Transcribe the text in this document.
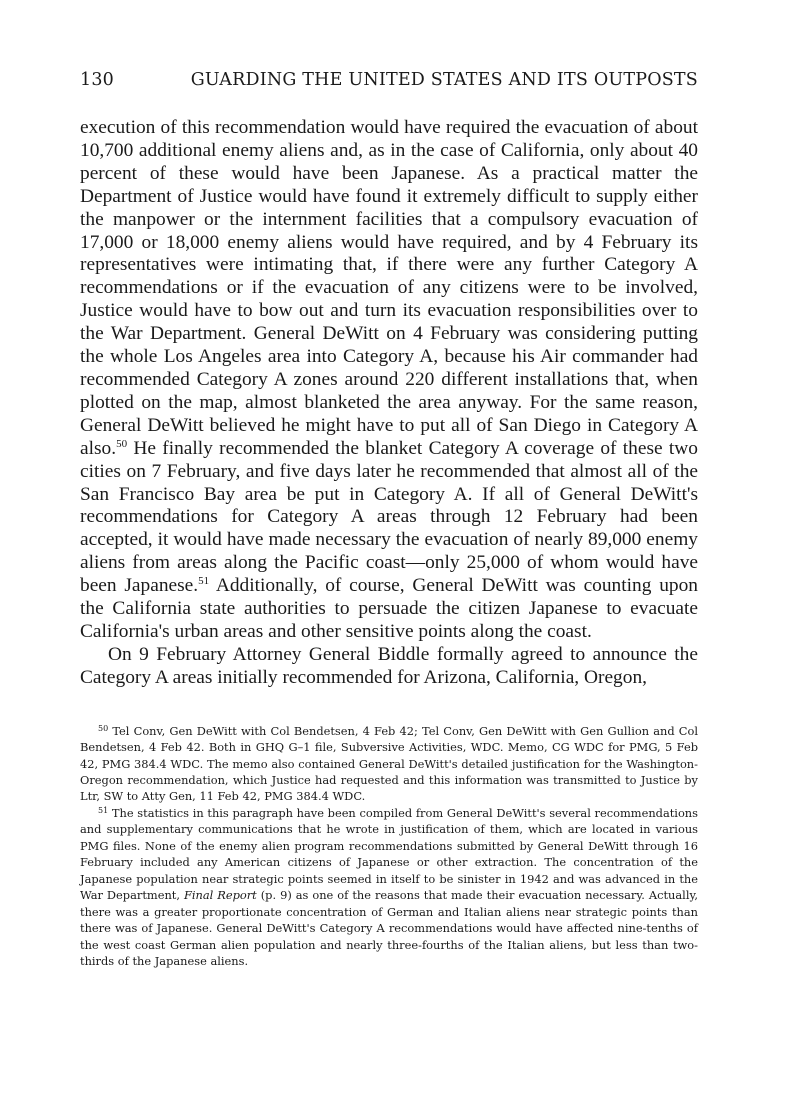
130	GUARDING THE UNITED STATES AND ITS OUTPOSTS

execution of this recommendation would have required the evacuation of about 10,700 additional enemy aliens and, as in the case of California, only about 40 percent of these would have been Japanese. As a practical matter the Department of Justice would have found it extremely difficult to supply either the manpower or the internment facilities that a compulsory evacuation of 17,000 or 18,000 enemy aliens would have required, and by 4 February its representatives were intimating that, if there were any further Category A recommendations or if the evacuation of any citizens were to be involved, Justice would have to bow out and turn its evacuation responsibilities over to the War Department. General DeWitt on 4 February was considering putting the whole Los Angeles area into Category A, because his Air commander had recommended Category A zones around 220 different installations that, when plotted on the map, almost blanketed the area anyway. For the same reason, General DeWitt believed he might have to put all of San Diego in Category A also.$^{50}$ He finally recommended the blanket Category A coverage of these two cities on 7 February, and five days later he recommended that almost all of the San Francisco Bay area be put in Category A. If all of General DeWitt's recommendations for Category A areas through 12 February had been accepted, it would have made necessary the evacuation of nearly 89,000 enemy aliens from areas along the Pacific coast—only 25,000 of whom would have been Japanese.$^{51}$ Additionally, of course, General DeWitt was counting upon the California state authorities to persuade the citizen Japanese to evacuate California's urban areas and other sensitive points along the coast.

On 9 February Attorney General Biddle formally agreed to announce the Category A areas initially recommended for Arizona, California, Oregon,

$^{50}$ Tel Conv, Gen DeWitt with Col Bendetsen, 4 Feb 42; Tel Conv, Gen DeWitt with Gen Gullion and Col Bendetsen, 4 Feb 42. Both in GHQ G–1 file, Subversive Activities, WDC. Memo, CG WDC for PMG, 5 Feb 42, PMG 384.4 WDC. The memo also contained General DeWitt's detailed justification for the Washington-Oregon recommendation, which Justice had requested and this information was transmitted to Justice by Ltr, SW to Atty Gen, 11 Feb 42, PMG 384.4 WDC.

$^{51}$ The statistics in this paragraph have been compiled from General DeWitt's several recommendations and supplementary communications that he wrote in justification of them, which are located in various PMG files. None of the enemy alien program recommendations submitted by General DeWitt through 16 February included any American citizens of Japanese or other extraction. The concentration of the Japanese population near strategic points seemed in itself to be sinister in 1942 and was advanced in the War Department, Final Report (p. 9) as one of the reasons that made their evacuation necessary. Actually, there was a greater proportionate concentration of German and Italian aliens near strategic points than there was of Japanese. General DeWitt's Category A recommendations would have affected nine-tenths of the west coast German alien population and nearly three-fourths of the Italian aliens, but less than two-thirds of the Japanese aliens.
